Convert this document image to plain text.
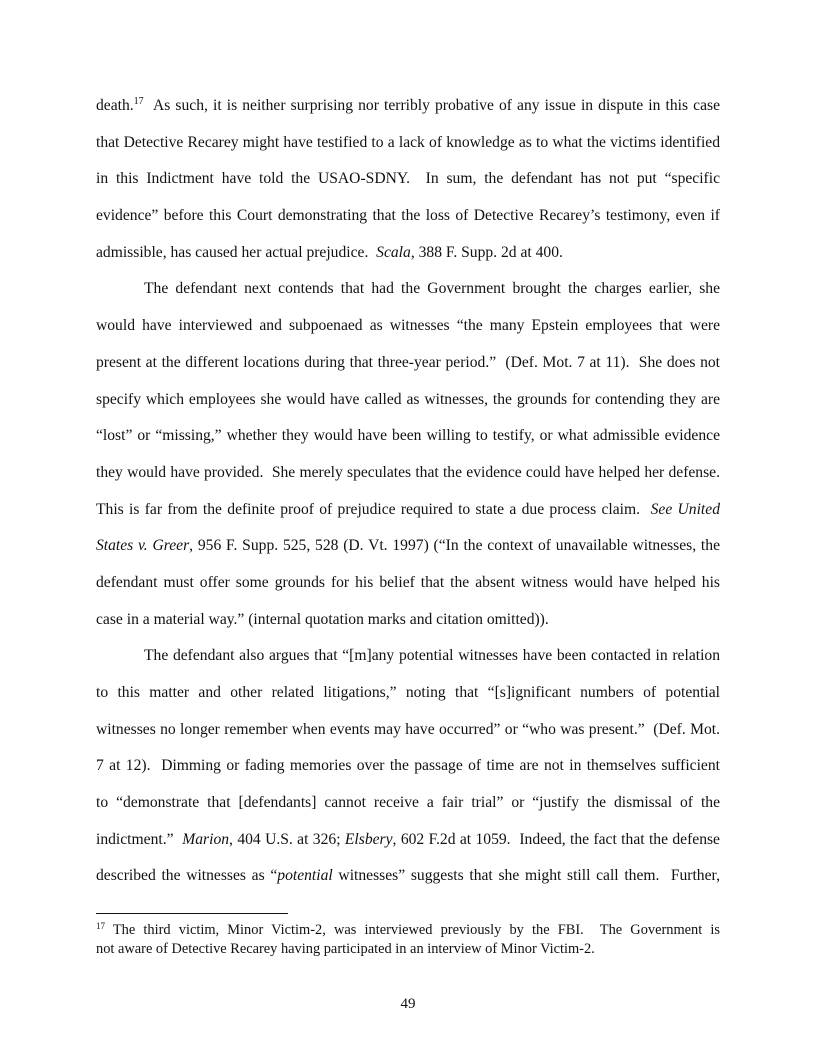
death.$^{17}$  As such, it is neither surprising nor terribly probative of any issue in dispute in this case
that Detective Recarey might have testified to a lack of knowledge as to what the victims identified
in this Indictment have told the USAO-SDNY.  In sum, the defendant has not put “specific
evidence” before this Court demonstrating that the loss of Detective Recarey’s testimony, even if
admissible, has caused her actual prejudice.  Scala, 388 F. Supp. 2d at 400.
The defendant next contends that had the Government brought the charges earlier, she
would have interviewed and subpoenaed as witnesses “the many Epstein employees that were
present at the different locations during that three-year period.”  (Def. Mot. 7 at 11).  She does not
specify which employees she would have called as witnesses, the grounds for contending they are
“lost” or “missing,” whether they would have been willing to testify, or what admissible evidence
they would have provided.  She merely speculates that the evidence could have helped her defense.
This is far from the definite proof of prejudice required to state a due process claim.  See United
States v. Greer, 956 F. Supp. 525, 528 (D. Vt. 1997) (“In the context of unavailable witnesses, the
defendant must offer some grounds for his belief that the absent witness would have helped his
case in a material way.” (internal quotation marks and citation omitted)).
The defendant also argues that “[m]any potential witnesses have been contacted in relation
to this matter and other related litigations,” noting that “[s]ignificant numbers of potential
witnesses no longer remember when events may have occurred” or “who was present.”  (Def. Mot.
7 at 12).  Dimming or fading memories over the passage of time are not in themselves sufficient
to “demonstrate that [defendants] cannot receive a fair trial” or “justify the dismissal of the
indictment.”  Marion, 404 U.S. at 326; Elsbery, 602 F.2d at 1059.  Indeed, the fact that the defense
described the witnesses as “potential witnesses” suggests that she might still call them.  Further,
$^{17}$ The third victim, Minor Victim-2, was interviewed previously by the FBI.  The Government is
not aware of Detective Recarey having participated in an interview of Minor Victim-2.
49
